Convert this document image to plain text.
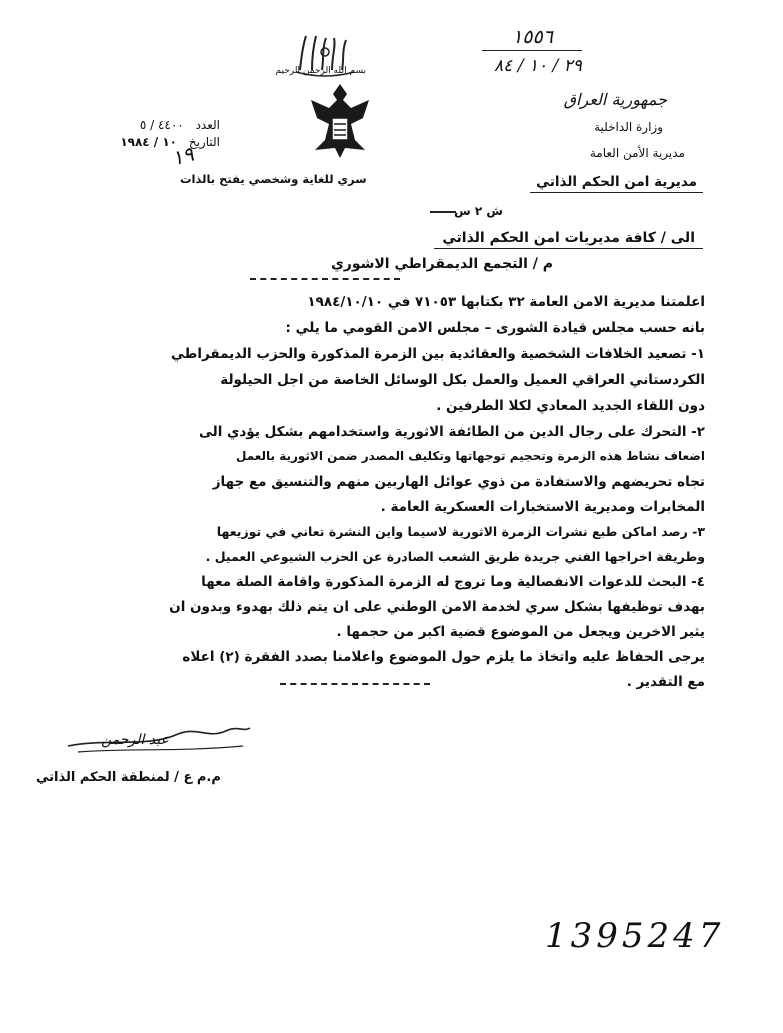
بسم الله الرحمن الرحيم
١٥٥٦
٢٩ / ١٠ / ٨٤
جمهورية العراق
وزارة الداخلية
مديرية الأمن العامة
العدد ٤٤٠٠ / ٥
التاريخ ١٠ / ١٩٨٤
١٩
مديرية امن الحكم الذاتي
سري للغاية وشخصي يفتح بالذات
ش ٢ س
الى / كافة مديريات امن الحكم الذاتي
م / التجمع الديمقراطي الاشوري
اعلمتنا مديرية الامن العامة ٣٢ بكتابها ٧١٠٥٣ في ١٩٨٤/١٠/١٠
بانه حسب مجلس قيادة الشورى – مجلس الامن القومي ما يلي :
١- تصعيد الخلافات الشخصية والعقائدية بين الزمرة المذكورة والحزب الديمقراطي
الكردستاني العراقي العميل والعمل بكل الوسائل الخاصة من اجل الحيلولة
دون اللقاء الجديد المعادي لكلا الطرفين .
٢- التحرك على رجال الدين من الطائفة الاثورية واستخدامهم بشكل يؤدي الى
اضعاف نشاط هذه الزمرة وتحجيم توجهاتها وتكليف المصدر ضمن الاثورية بالعمل
تجاه تحريضهم والاستفادة من ذوي عوائل الهاربين منهم والتنسيق مع جهاز
المخابرات ومديرية الاستخبارات العسكرية العامة .
٣- رصد اماكن طبع نشرات الزمرة الاثورية لاسيما واين النشرة تعاني في توزيعها
وطريقة اخراجها الفني جريدة طريق الشعب الصادرة عن الحزب الشيوعي العميل .
٤- البحث للدعوات الانفصالية وما تروج له الزمرة المذكورة واقامة الصلة معها
بهدف توظيفها بشكل سري لخدمة الامن الوطني على ان يتم ذلك بهدوء وبدون ان
يثير الاخرين ويجعل من الموضوع قضية اكبر من حجمها .
يرجى الحفاظ عليه واتخاذ ما يلزم حول الموضوع واعلامنا بصدد الفقرة (٢) اعلاه
مع التقدير .
عبد الرحمن
م.م ع / لمنطقة الحكم الذاتي
1395247
